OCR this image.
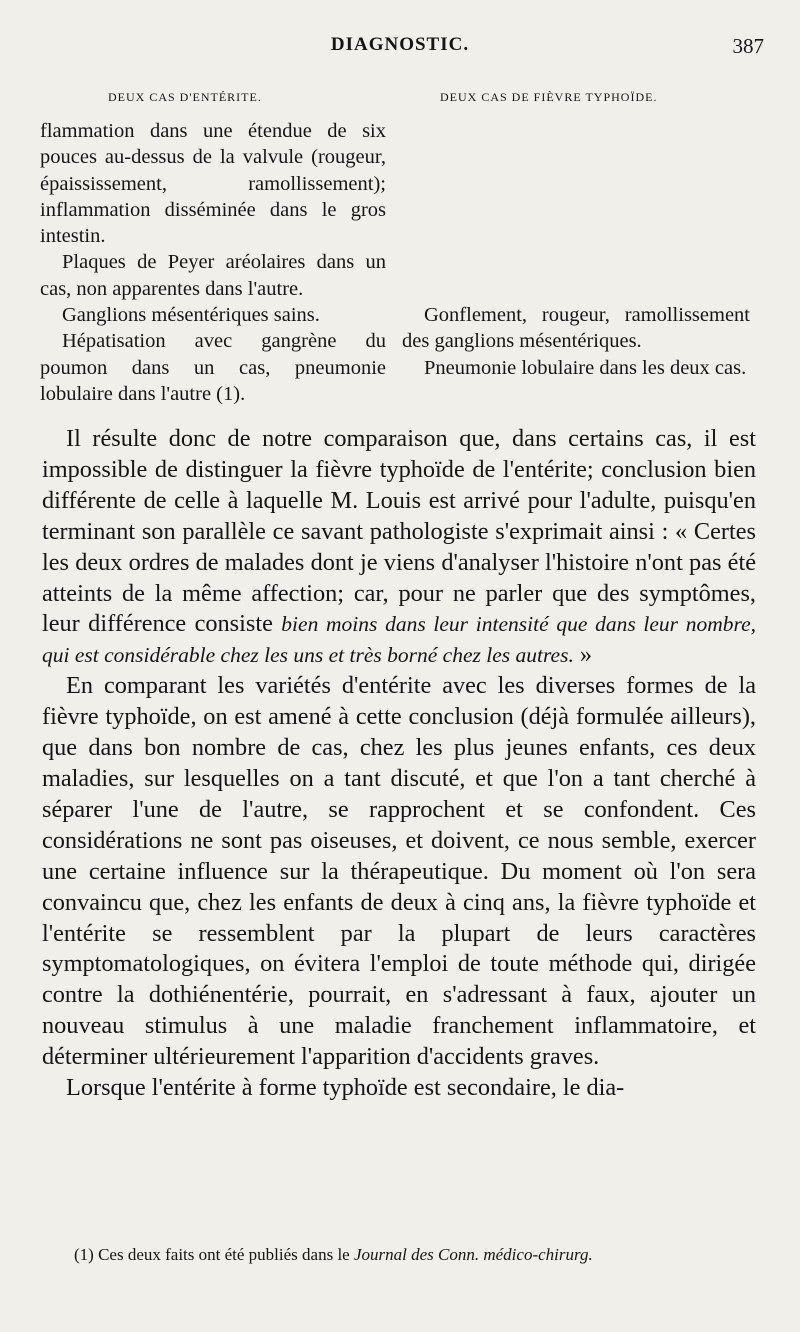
DIAGNOSTIC.	387
DEUX CAS D'ENTÉRITE.	DEUX CAS DE FIÈVRE TYPHOÏDE.

flammation dans une étendue de six pouces au-dessus de la valvule (rougeur, épaississement, ramollissement); inflammation disséminée dans le gros intestin.

Plaques de Peyer aréolaires dans un cas, non apparentes dans l'autre.

Ganglions mésentériques sains.

Hépatisation avec gangrène du poumon dans un cas, pneumonie lobulaire dans l'autre (1).

Gonflement, rougeur, ramollissement des ganglions mésentériques.

Pneumonie lobulaire dans les deux cas.

Il résulte donc de notre comparaison que, dans certains cas, il est impossible de distinguer la fièvre typhoïde de l'entérite; conclusion bien différente de celle à laquelle M. Louis est arrivé pour l'adulte, puisqu'en terminant son parallèle ce savant pathologiste s'exprimait ainsi : « Certes les deux ordres de malades dont je viens d'analyser l'histoire n'ont pas été atteints de la même affection; car, pour ne parler que des symptômes, leur différence consiste bien moins dans leur intensité que dans leur nombre, qui est considérable chez les uns et très borné chez les autres. »

En comparant les variétés d'entérite avec les diverses formes de la fièvre typhoïde, on est amené à cette conclusion (déjà formulée ailleurs), que dans bon nombre de cas, chez les plus jeunes enfants, ces deux maladies, sur lesquelles on a tant discuté, et que l'on a tant cherché à séparer l'une de l'autre, se rapprochent et se confondent. Ces considérations ne sont pas oiseuses, et doivent, ce nous semble, exercer une certaine influence sur la thérapeutique. Du moment où l'on sera convaincu que, chez les enfants de deux à cinq ans, la fièvre typhoïde et l'entérite se ressemblent par la plupart de leurs caractères symptomatologiques, on évitera l'emploi de toute méthode qui, dirigée contre la dothiénentérie, pourrait, en s'adressant à faux, ajouter un nouveau stimulus à une maladie franchement inflammatoire, et déterminer ultérieurement l'apparition d'accidents graves.

Lorsque l'entérite à forme typhoïde est secondaire, le dia-

(1) Ces deux faits ont été publiés dans le Journal des Conn. médico-chirurg.
